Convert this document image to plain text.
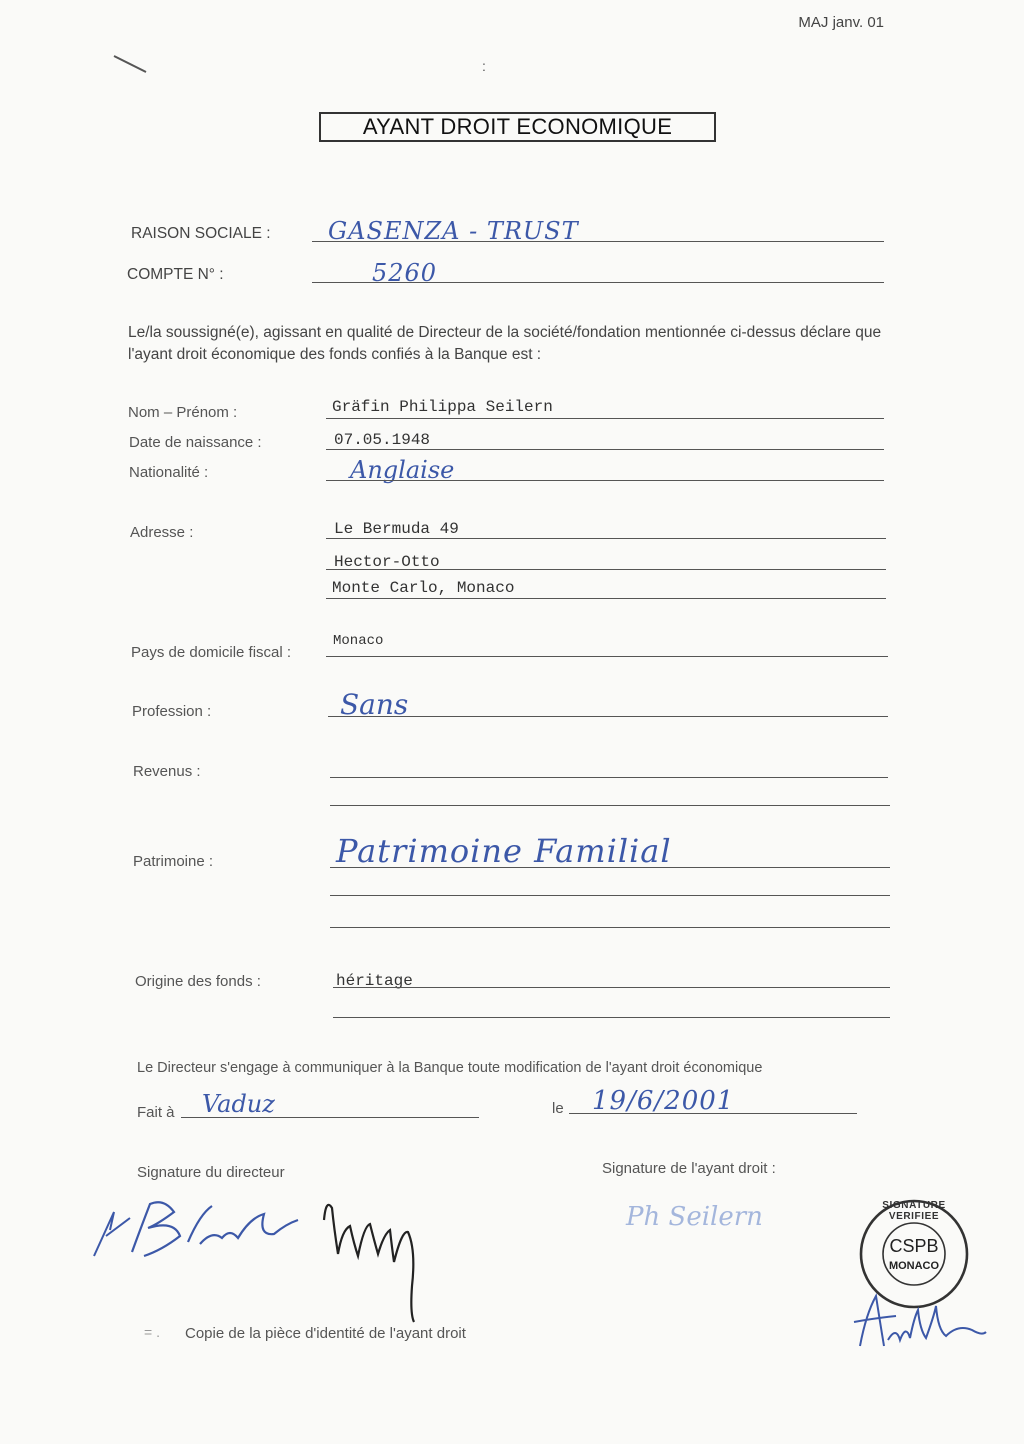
MAJ janv. 01
AYANT DROIT ECONOMIQUE
RAISON SOCIALE : GASENZA - TRUST
COMPTE N° :	5260
Le/la soussigné(e), agissant en qualité de Directeur de la société/fondation mentionnée ci-dessus déclare que l'ayant droit économique des fonds confiés à la Banque est :
Nom – Prénom :	Gräfin Philippa Seilern
Date de naissance :	07.05.1948
Nationalité :	Anglaise
Adresse :	Le Bermuda 49
Hector-Otto
Monte Carlo, Monaco
Pays de domicile fiscal :
Monaco
Profession :	Sans
Revenus :
Patrimoine :	Patrimoine Familial
Origine des fonds :	héritage
Le Directeur s'engage à communiquer à la Banque toute modification de l'ayant droit économique
Fait à Vaduz	le 19/6/2001
Signature du directeur	Signature de l'ayant droit :
Ph Seilern	SIGNATURE VERIFIEE
CSPB
MONACO
Copie de la pièce d'identité de l'ayant droit
= .
:
